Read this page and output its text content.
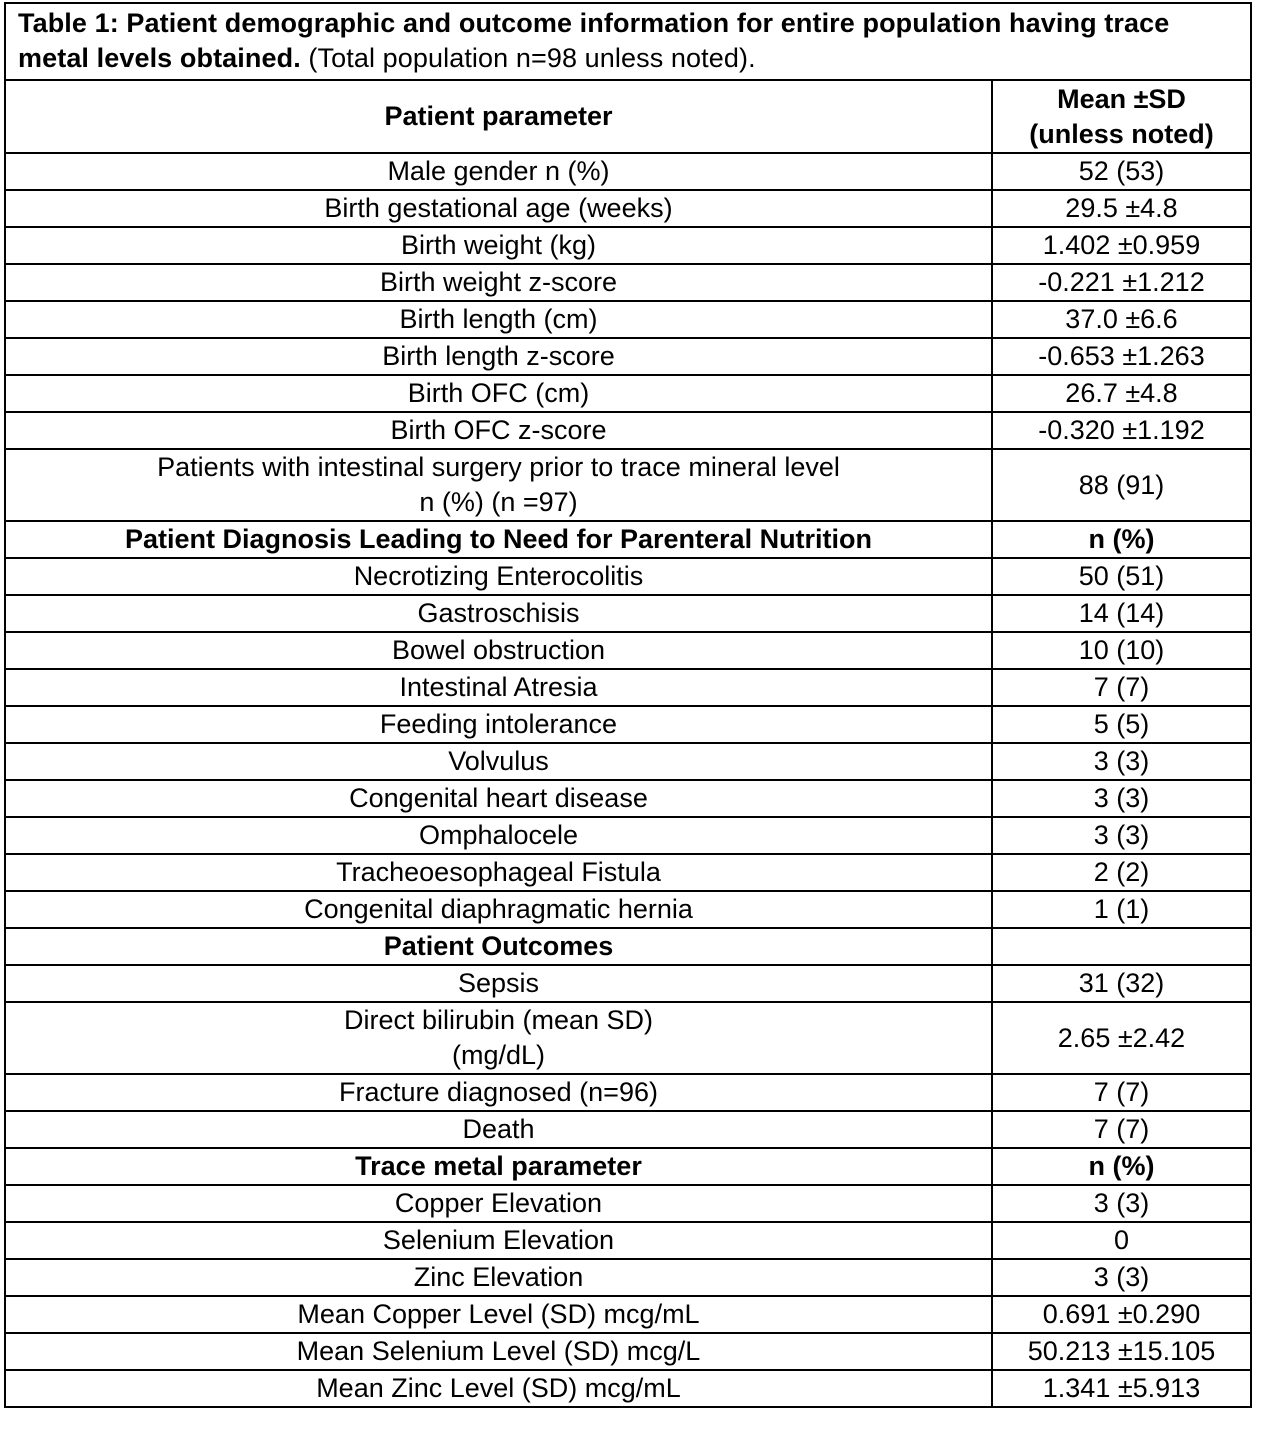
Table 1: Patient demographic and outcome information for entire population having trace metal levels obtained. (Total population n=98 unless noted).
Patient parameter	Mean ±SD
(unless noted)
Male gender n (%)	52 (53)
Birth gestational age (weeks)	29.5 ±4.8
Birth weight (kg)	1.402 ±0.959
Birth weight z-score	-0.221 ±1.212
Birth length (cm)	37.0 ±6.6
Birth length z-score	-0.653 ±1.263
Birth OFC (cm)	26.7 ±4.8
Birth OFC z-score	-0.320 ±1.192
Patients with intestinal surgery prior to trace mineral level
n (%) (n =97)	88 (91)
Patient Diagnosis Leading to Need for Parenteral Nutrition	n (%)
Necrotizing Enterocolitis	50 (51)
Gastroschisis	14 (14)
Bowel obstruction	10 (10)
Intestinal Atresia	7 (7)
Feeding intolerance	5 (5)
Volvulus	3 (3)
Congenital heart disease	3 (3)
Omphalocele	3 (3)
Tracheoesophageal Fistula	2 (2)
Congenital diaphragmatic hernia	1 (1)
Patient Outcomes	
Sepsis	31 (32)
Direct bilirubin (mean SD)
(mg/dL)	2.65 ±2.42
Fracture diagnosed (n=96)	7 (7)
Death	7 (7)
Trace metal parameter	n (%)
Copper Elevation	3 (3)
Selenium Elevation	0
Zinc Elevation	3 (3)
Mean Copper Level (SD) mcg/mL	0.691 ±0.290
Mean Selenium Level (SD) mcg/L	50.213 ±15.105
Mean Zinc Level (SD) mcg/mL	1.341 ±5.913
